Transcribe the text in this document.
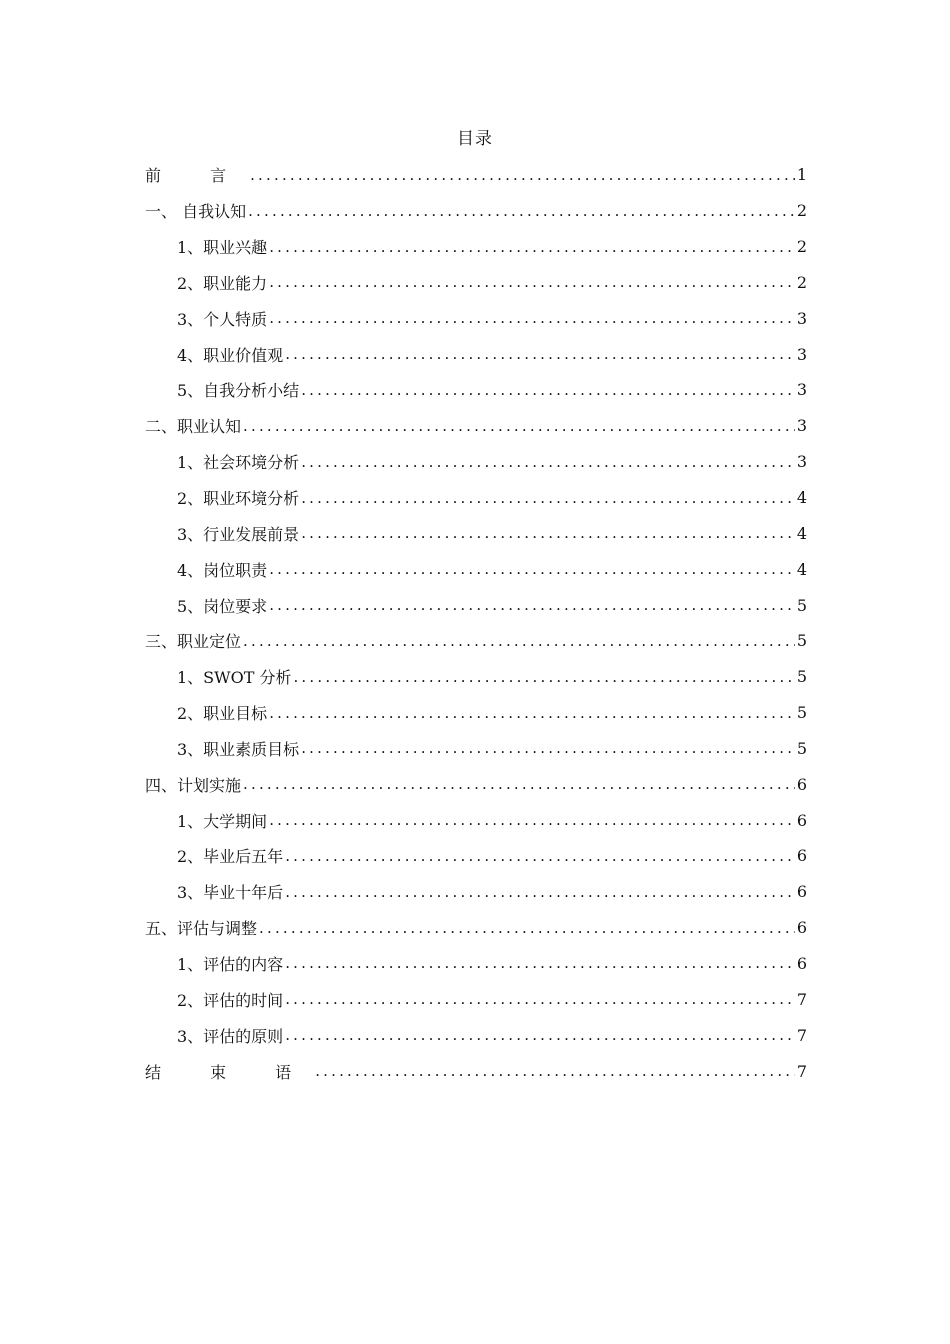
目录
前 言 .....	1
一、 自我认知 .....	2
1、职业兴趣 .....	2
2、职业能力 .....	2
3、个人特质 .....	3
4、职业价值观 .....	3
5、自我分析小结 .....	3
二、职业认知 .....	3
1、社会环境分析 .....	3
2、职业环境分析 .....	4
3、行业发展前景 .....	4
4、岗位职责 .....	4
5、岗位要求 .....	5
三、职业定位 .....	5
1、SWOT 分析 .....	5
2、职业目标 .....	5
3、职业素质目标 .....	5
四、计划实施 .....	6
1、大学期间 .....	6
2、毕业后五年 .....	6
3、毕业十年后 .....	6
五、评估与调整 .....	6
1、评估的内容 .....	6
2、评估的时间 .....	7
3、评估的原则 .....	7
结 束 语 .....	7
